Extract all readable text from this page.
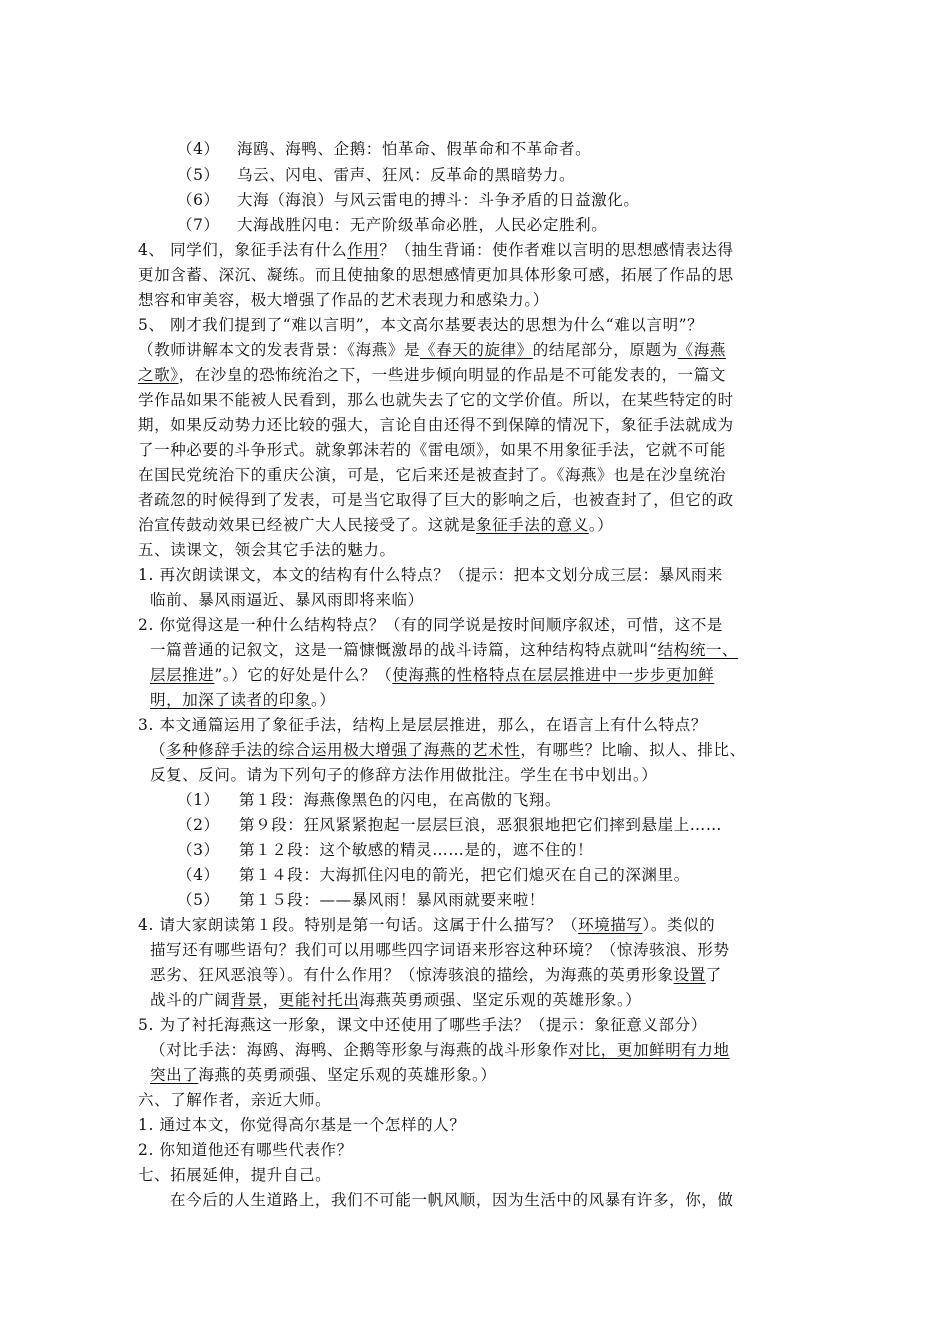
（4） 海鸥、海鸭、企鹅：怕革命、假革命和不革命者。
（5） 乌云、闪电、雷声、狂风：反革命的黑暗势力。
（6） 大海（海浪）与风云雷电的搏斗：斗争矛盾的日益激化。
（7） 大海战胜闪电：无产阶级革命必胜，人民必定胜利。
4、 同学们，象征手法有什么作用？（抽生背诵：使作者难以言明的思想感情表达得
更加含蓄、深沉、凝练。而且使抽象的思想感情更加具体形象可感，拓展了作品的思
想容和审美容，极大增强了作品的艺术表现力和感染力。）
5、 刚才我们提到了“难以言明”，本文高尔基要表达的思想为什么“难以言明”？
（教师讲解本文的发表背景：《海燕》是《春天的旋律》的结尾部分，原题为《海燕
之歌》，在沙皇的恐怖统治之下，一些进步倾向明显的作品是不可能发表的，一篇文
学作品如果不能被人民看到，那么也就失去了它的文学价值。所以，在某些特定的时
期，如果反动势力还比较的强大，言论自由还得不到保障的情况下，象征手法就成为
了一种必要的斗争形式。就象郭沫若的《雷电颂》，如果不用象征手法，它就不可能
在国民党统治下的重庆公演，可是，它后来还是被查封了。《海燕》也是在沙皇统治
者疏忽的时候得到了发表，可是当它取得了巨大的影响之后，也被查封了，但它的政
治宣传鼓动效果已经被广大人民接受了。这就是象征手法的意义。）
五、读课文，领会其它手法的魅力。
1. 再次朗读课文，本文的结构有什么特点？（提示：把本文划分成三层：暴风雨来
临前、暴风雨逼近、暴风雨即将来临）
2. 你觉得这是一种什么结构特点？（有的同学说是按时间顺序叙述，可惜，这不是
一篇普通的记叙文，这是一篇慷慨激昂的战斗诗篇，这种结构特点就叫“结构统一、
层层推进”。）它的好处是什么？（使海燕的性格特点在层层推进中一步步更加鲜
明，加深了读者的印象。）
3. 本文通篇运用了象征手法，结构上是层层推进，那么，在语言上有什么特点？
（多种修辞手法的综合运用极大增强了海燕的艺术性，有哪些？比喻、拟人、排比、
反复、反问。请为下列句子的修辞方法作用做批注。学生在书中划出。）
（1） 第１段：海燕像黑色的闪电，在高傲的飞翔。
（2） 第９段：狂风紧紧抱起一层层巨浪，恶狠狠地把它们摔到悬崖上……
（3） 第１２段：这个敏感的精灵……是的，遮不住的！
（4） 第１４段：大海抓住闪电的箭光，把它们熄灭在自己的深渊里。
（5） 第１５段：——暴风雨！暴风雨就要来啦！
4. 请大家朗读第１段。特别是第一句话。这属于什么描写？（环境描写）。类似的
描写还有哪些语句？我们可以用哪些四字词语来形容这种环境？（惊涛骇浪、形势
恶劣、狂风恶浪等）。有什么作用？（惊涛骇浪的描绘，为海燕的英勇形象设置了
战斗的广阔背景，更能衬托出海燕英勇顽强、坚定乐观的英雄形象。）
5. 为了衬托海燕这一形象，课文中还使用了哪些手法？（提示：象征意义部分）
（对比手法：海鸥、海鸭、企鹅等形象与海燕的战斗形象作对比，更加鲜明有力地
突出了海燕的英勇顽强、坚定乐观的英雄形象。）
六、了解作者，亲近大师。
1. 通过本文，你觉得高尔基是一个怎样的人？
2. 你知道他还有哪些代表作？
七、拓展延伸，提升自己。
在今后的人生道路上，我们不可能一帆风顺，因为生活中的风暴有许多，你，做
